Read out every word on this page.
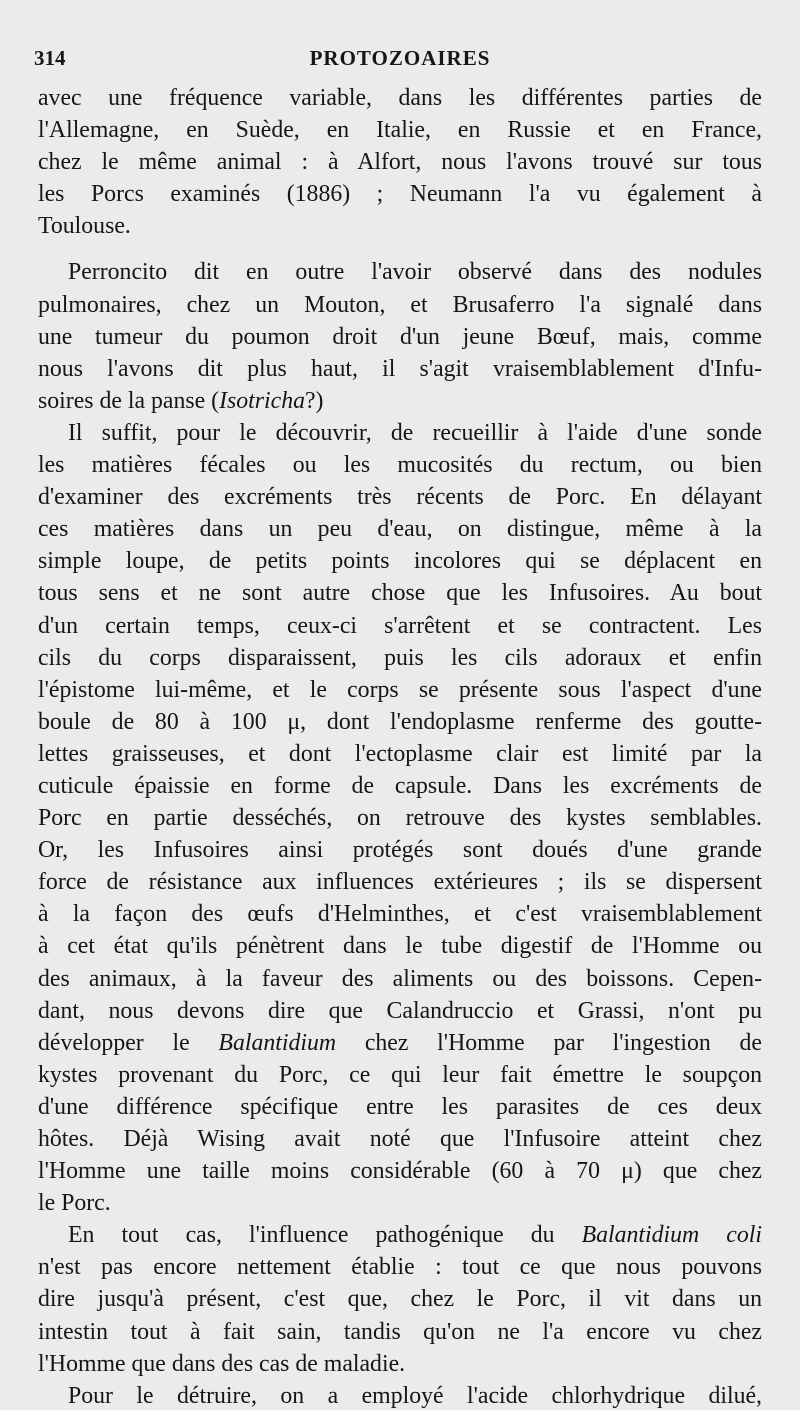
314	PROTOZOAIRES
avec une fréquence variable, dans les différentes parties de
l'Allemagne, en Suède, en Italie, en Russie et en France,
chez le même animal : à Alfort, nous l'avons trouvé sur tous
les Porcs examinés (1886) ; Neumann l'a vu également à
Toulouse.
Perroncito dit en outre l'avoir observé dans des nodules
pulmonaires, chez un Mouton, et Brusaferro l'a signalé dans
une tumeur du poumon droit d'un jeune Bœuf, mais, comme
nous l'avons dit plus haut, il s'agit vraisemblablement d'Infu-
soires de la panse (Isotricha?)
Il suffit, pour le découvrir, de recueillir à l'aide d'une sonde
les matières fécales ou les mucosités du rectum, ou bien
d'examiner des excréments très récents de Porc. En délayant
ces matières dans un peu d'eau, on distingue, même à la
simple loupe, de petits points incolores qui se déplacent en
tous sens et ne sont autre chose que les Infusoires. Au bout
d'un certain temps, ceux-ci s'arrêtent et se contractent. Les
cils du corps disparaissent, puis les cils adoraux et enfin
l'épistome lui-même, et le corps se présente sous l'aspect d'une
boule de 80 à 100 μ, dont l'endoplasme renferme des goutte-
lettes graisseuses, et dont l'ectoplasme clair est limité par la
cuticule épaissie en forme de capsule. Dans les excréments de
Porc en partie desséchés, on retrouve des kystes semblables.
Or, les Infusoires ainsi protégés sont doués d'une grande
force de résistance aux influences extérieures ; ils se dispersent
à la façon des œufs d'Helminthes, et c'est vraisemblablement
à cet état qu'ils pénètrent dans le tube digestif de l'Homme ou
des animaux, à la faveur des aliments ou des boissons. Cepen-
dant, nous devons dire que Calandruccio et Grassi, n'ont pu
développer le Balantidium chez l'Homme par l'ingestion de
kystes provenant du Porc, ce qui leur fait émettre le soupçon
d'une différence spécifique entre les parasites de ces deux
hôtes. Déjà Wising avait noté que l'Infusoire atteint chez
l'Homme une taille moins considérable (60 à 70 μ) que chez
le Porc.
En tout cas, l'influence pathogénique du Balantidium coli
n'est pas encore nettement établie : tout ce que nous pouvons
dire jusqu'à présent, c'est que, chez le Porc, il vit dans un
intestin tout à fait sain, tandis qu'on ne l'a encore vu chez
l'Homme que dans des cas de maladie.
Pour le détruire, on a employé l'acide chlorhydrique dilué,
